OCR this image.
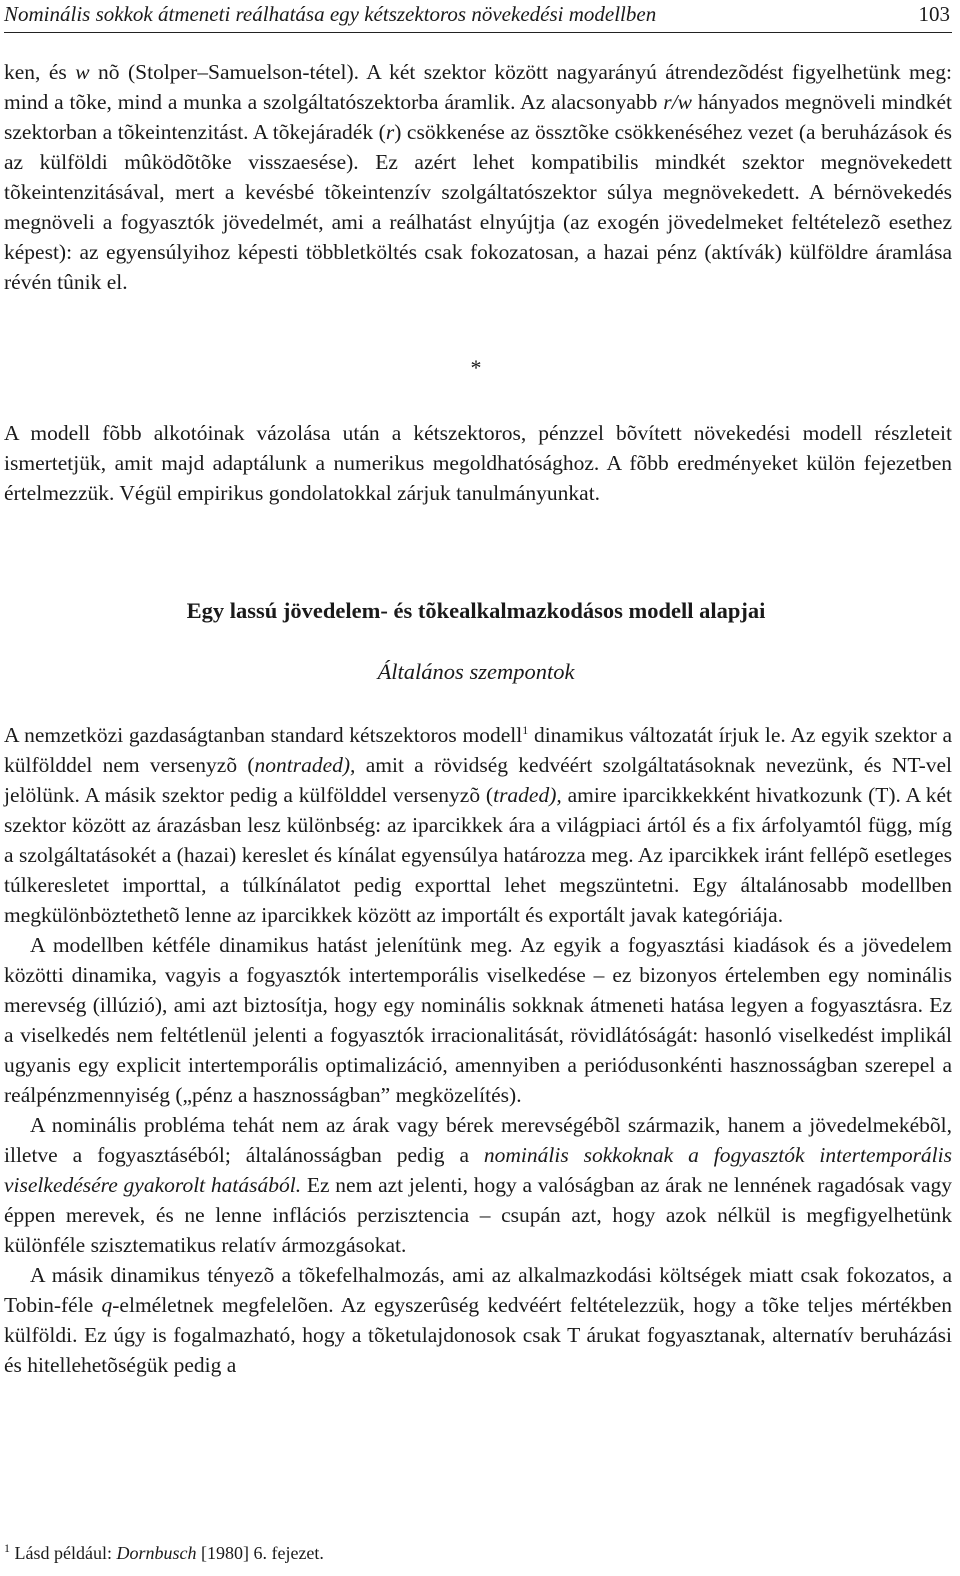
Nominális sokkok átmeneti reálhatása egy kétszektoros növekedési modellben	103

ken, és w nõ (Stolper–Samuelson-tétel). A két szektor között nagyarányú átrendezõdést figyelhetünk meg: mind a tõke, mind a munka a szolgáltatószektorba áramlik. Az alacsonyabb r/w hányados megnöveli mindkét szektorban a tõkeintenzitást. A tõkejáradék (r) csökkenése az össztõke csökkenéséhez vezet (a beruházások és az külföldi mûködõtõke visszaesése). Ez azért lehet kompatibilis mindkét szektor megnövekedett tõkeintenzitásával, mert a kevésbé tõkeintenzív szolgáltatószektor súlya megnövekedett. A bérnövekedés megnöveli a fogyasztók jövedelmét, ami a reálhatást elnyújtja (az exogén jövedelmeket feltételezõ esethez képest): az egyensúlyihoz képesti többletköltés csak fokozatosan, a hazai pénz (aktívák) külföldre áramlása révén tûnik el.

*

A modell fõbb alkotóinak vázolása után a kétszektoros, pénzzel bõvített növekedési modell részleteit ismertetjük, amit majd adaptálunk a numerikus megoldhatósághoz. A fõbb eredményeket külön fejezetben értelmezzük. Végül empirikus gondolatokkal zárjuk tanulmányunkat.

Egy lassú jövedelem- és tõkealkalmazkodásos modell alapjai
Általános szempontok

A nemzetközi gazdaságtanban standard kétszektoros modell$^1$ dinamikus változatát írjuk le. Az egyik szektor a külfölddel nem versenyzõ (nontraded), amit a rövidség kedvéért szolgáltatásoknak nevezünk, és NT-vel jelölünk. A másik szektor pedig a külfölddel versenyzõ (traded), amire iparcikkekként hivatkozunk (T). A két szektor között az árazásban lesz különbség: az iparcikkek ára a világpiaci ártól és a fix árfolyamtól függ, míg a szolgáltatásokét a (hazai) kereslet és kínálat egyensúlya határozza meg. Az iparcikkek iránt fellépõ esetleges túlkeresletet importtal, a túlkínálatot pedig exporttal lehet megszüntetni. Egy általánosabb modellben megkülönböztethetõ lenne az iparcikkek között az importált és exportált javak kategóriája.

A modellben kétféle dinamikus hatást jelenítünk meg. Az egyik a fogyasztási kiadások és a jövedelem közötti dinamika, vagyis a fogyasztók intertemporális viselkedése – ez bizonyos értelemben egy nominális merevség (illúzió), ami azt biztosítja, hogy egy nominális sokknak átmeneti hatása legyen a fogyasztásra. Ez a viselkedés nem feltétlenül jelenti a fogyasztók irracionalitását, rövidlátóságát: hasonló viselkedést implikál ugyanis egy explicit intertemporális optimalizáció, amennyiben a periódusonkénti hasznosságban szerepel a reálpénzmennyiség („pénz a hasznosságban” megközelítés).

A nominális probléma tehát nem az árak vagy bérek merevségébõl származik, hanem a jövedelmekébõl, illetve a fogyasztáséból; általánosságban pedig a nominális sokkoknak a fogyasztók intertemporális viselkedésére gyakorolt hatásából. Ez nem azt jelenti, hogy a valóságban az árak ne lennének ragadósak vagy éppen merevek, és ne lenne inflációs perzisztencia – csupán azt, hogy azok nélkül is megfigyelhetünk különféle szisztematikus relatív ármozgásokat.

A másik dinamikus tényezõ a tõkefelhalmozás, ami az alkalmazkodási költségek miatt csak fokozatos, a Tobin-féle q-elméletnek megfelelõen. Az egyszerûség kedvéért feltételezzük, hogy a tõke teljes mértékben külföldi. Ez úgy is fogalmazható, hogy a tõketulajdonosok csak T árukat fogyasztanak, alternatív beruházási és hitellehetõségük pedig a

$^1$ Lásd például: Dornbusch [1980] 6. fejezet.
